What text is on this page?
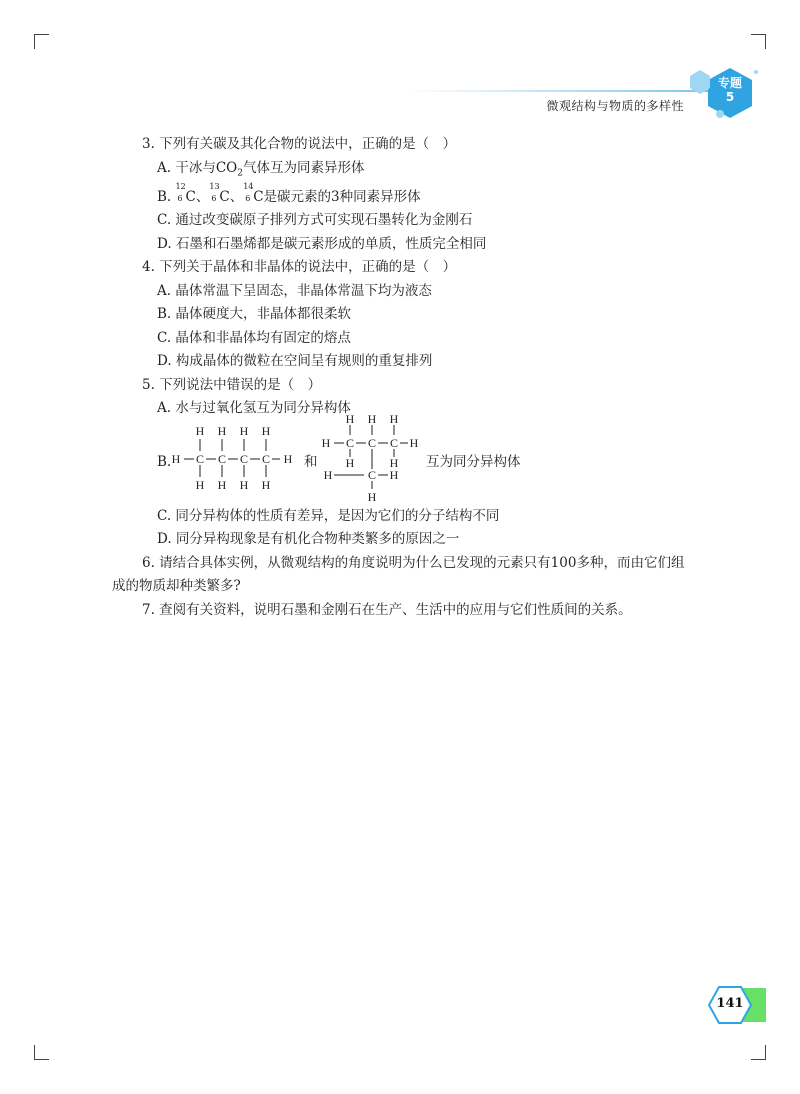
微观结构与物质的多样性
专题
5
3. 下列有关碳及其化合物的说法中，正确的是（　）
A. 干冰与$CO_2$气体互为同素异形体
B.
12
6 C、
13
6 C、
14
6 C是碳元素的3种同素异形体
C. 通过改变碳原子排列方式可实现石墨转化为金刚石
D. 石墨和石墨烯都是碳元素形成的单质，性质完全相同
4. 下列关于晶体和非晶体的说法中，正确的是（　）
A. 晶体常温下呈固态，非晶体常温下均为液态
B. 晶体硬度大，非晶体都很柔软
C. 晶体和非晶体均有固定的熔点
D. 构成晶体的微粒在空间呈有规则的重复排列
5. 下列说法中错误的是（　）
A. 水与过氧化氢互为同分异构体
B. H C C C C H
H H H H
H H H H
和
H H H
H C C C H
H	H
H	C H
H
互为同分异构体
C. 同分异构体的性质有差异，是因为它们的分子结构不同
D. 同分异构现象是有机化合物种类繁多的原因之一
6. 请结合具体实例，从微观结构的角度说明为什么已发现的元素只有100多种，而由它们组
成的物质却种类繁多?
7. 查阅有关资料，说明石墨和金刚石在生产、生活中的应用与它们性质间的关系。
141
